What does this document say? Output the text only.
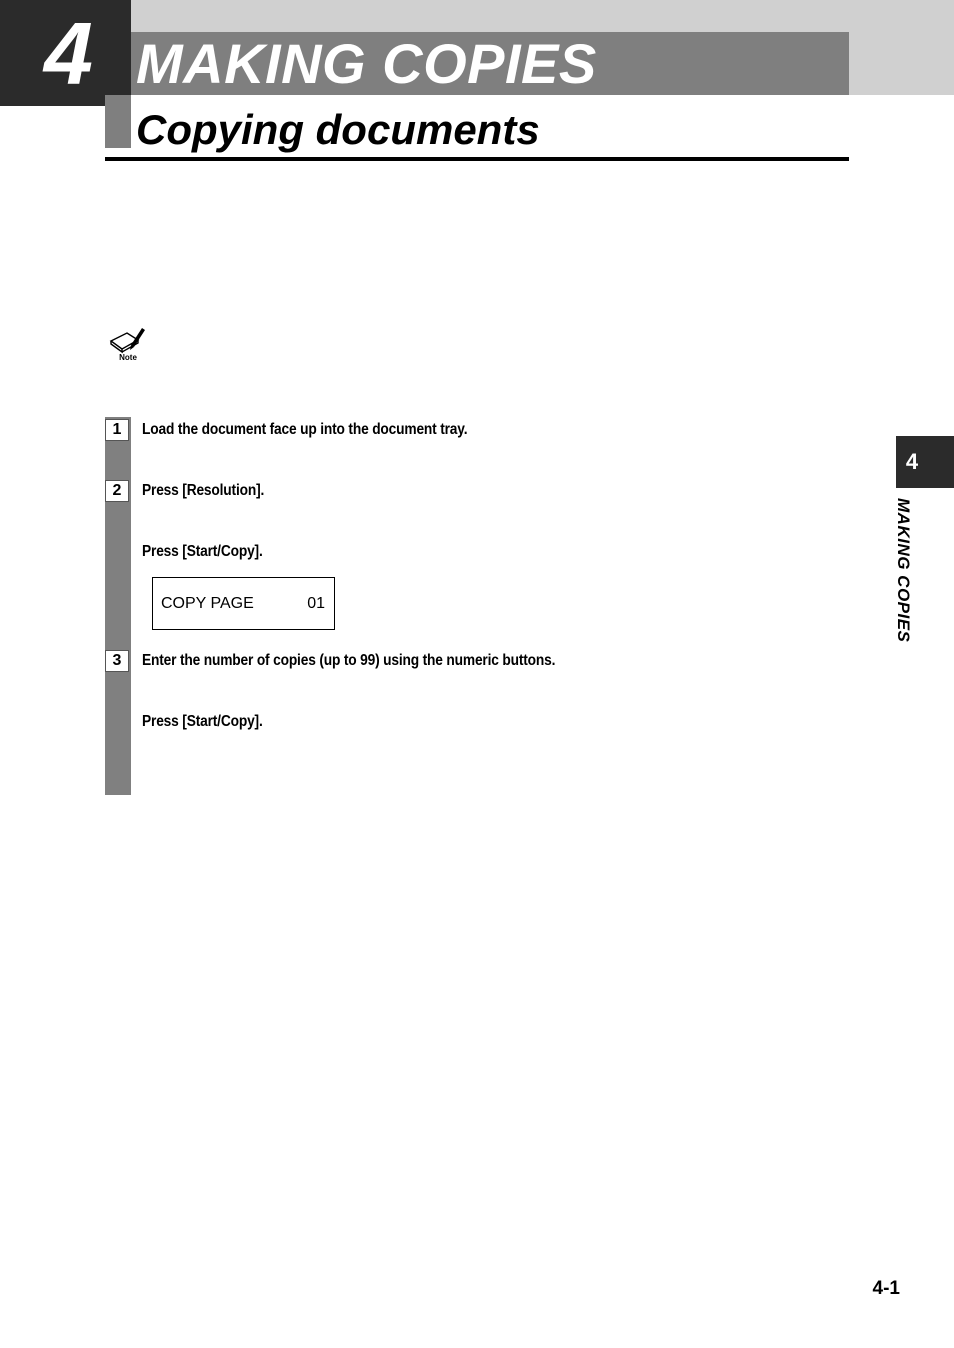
4 MAKING COPIES
Copying documents
Note
1	Load the document face up into the document tray.
2	Press [Resolution].
Press [Start/Copy].
COPY PAGE	01
3	Enter the number of copies (up to 99) using the numeric buttons.
Press [Start/Copy].
4
MAKING COPIES
4-1
